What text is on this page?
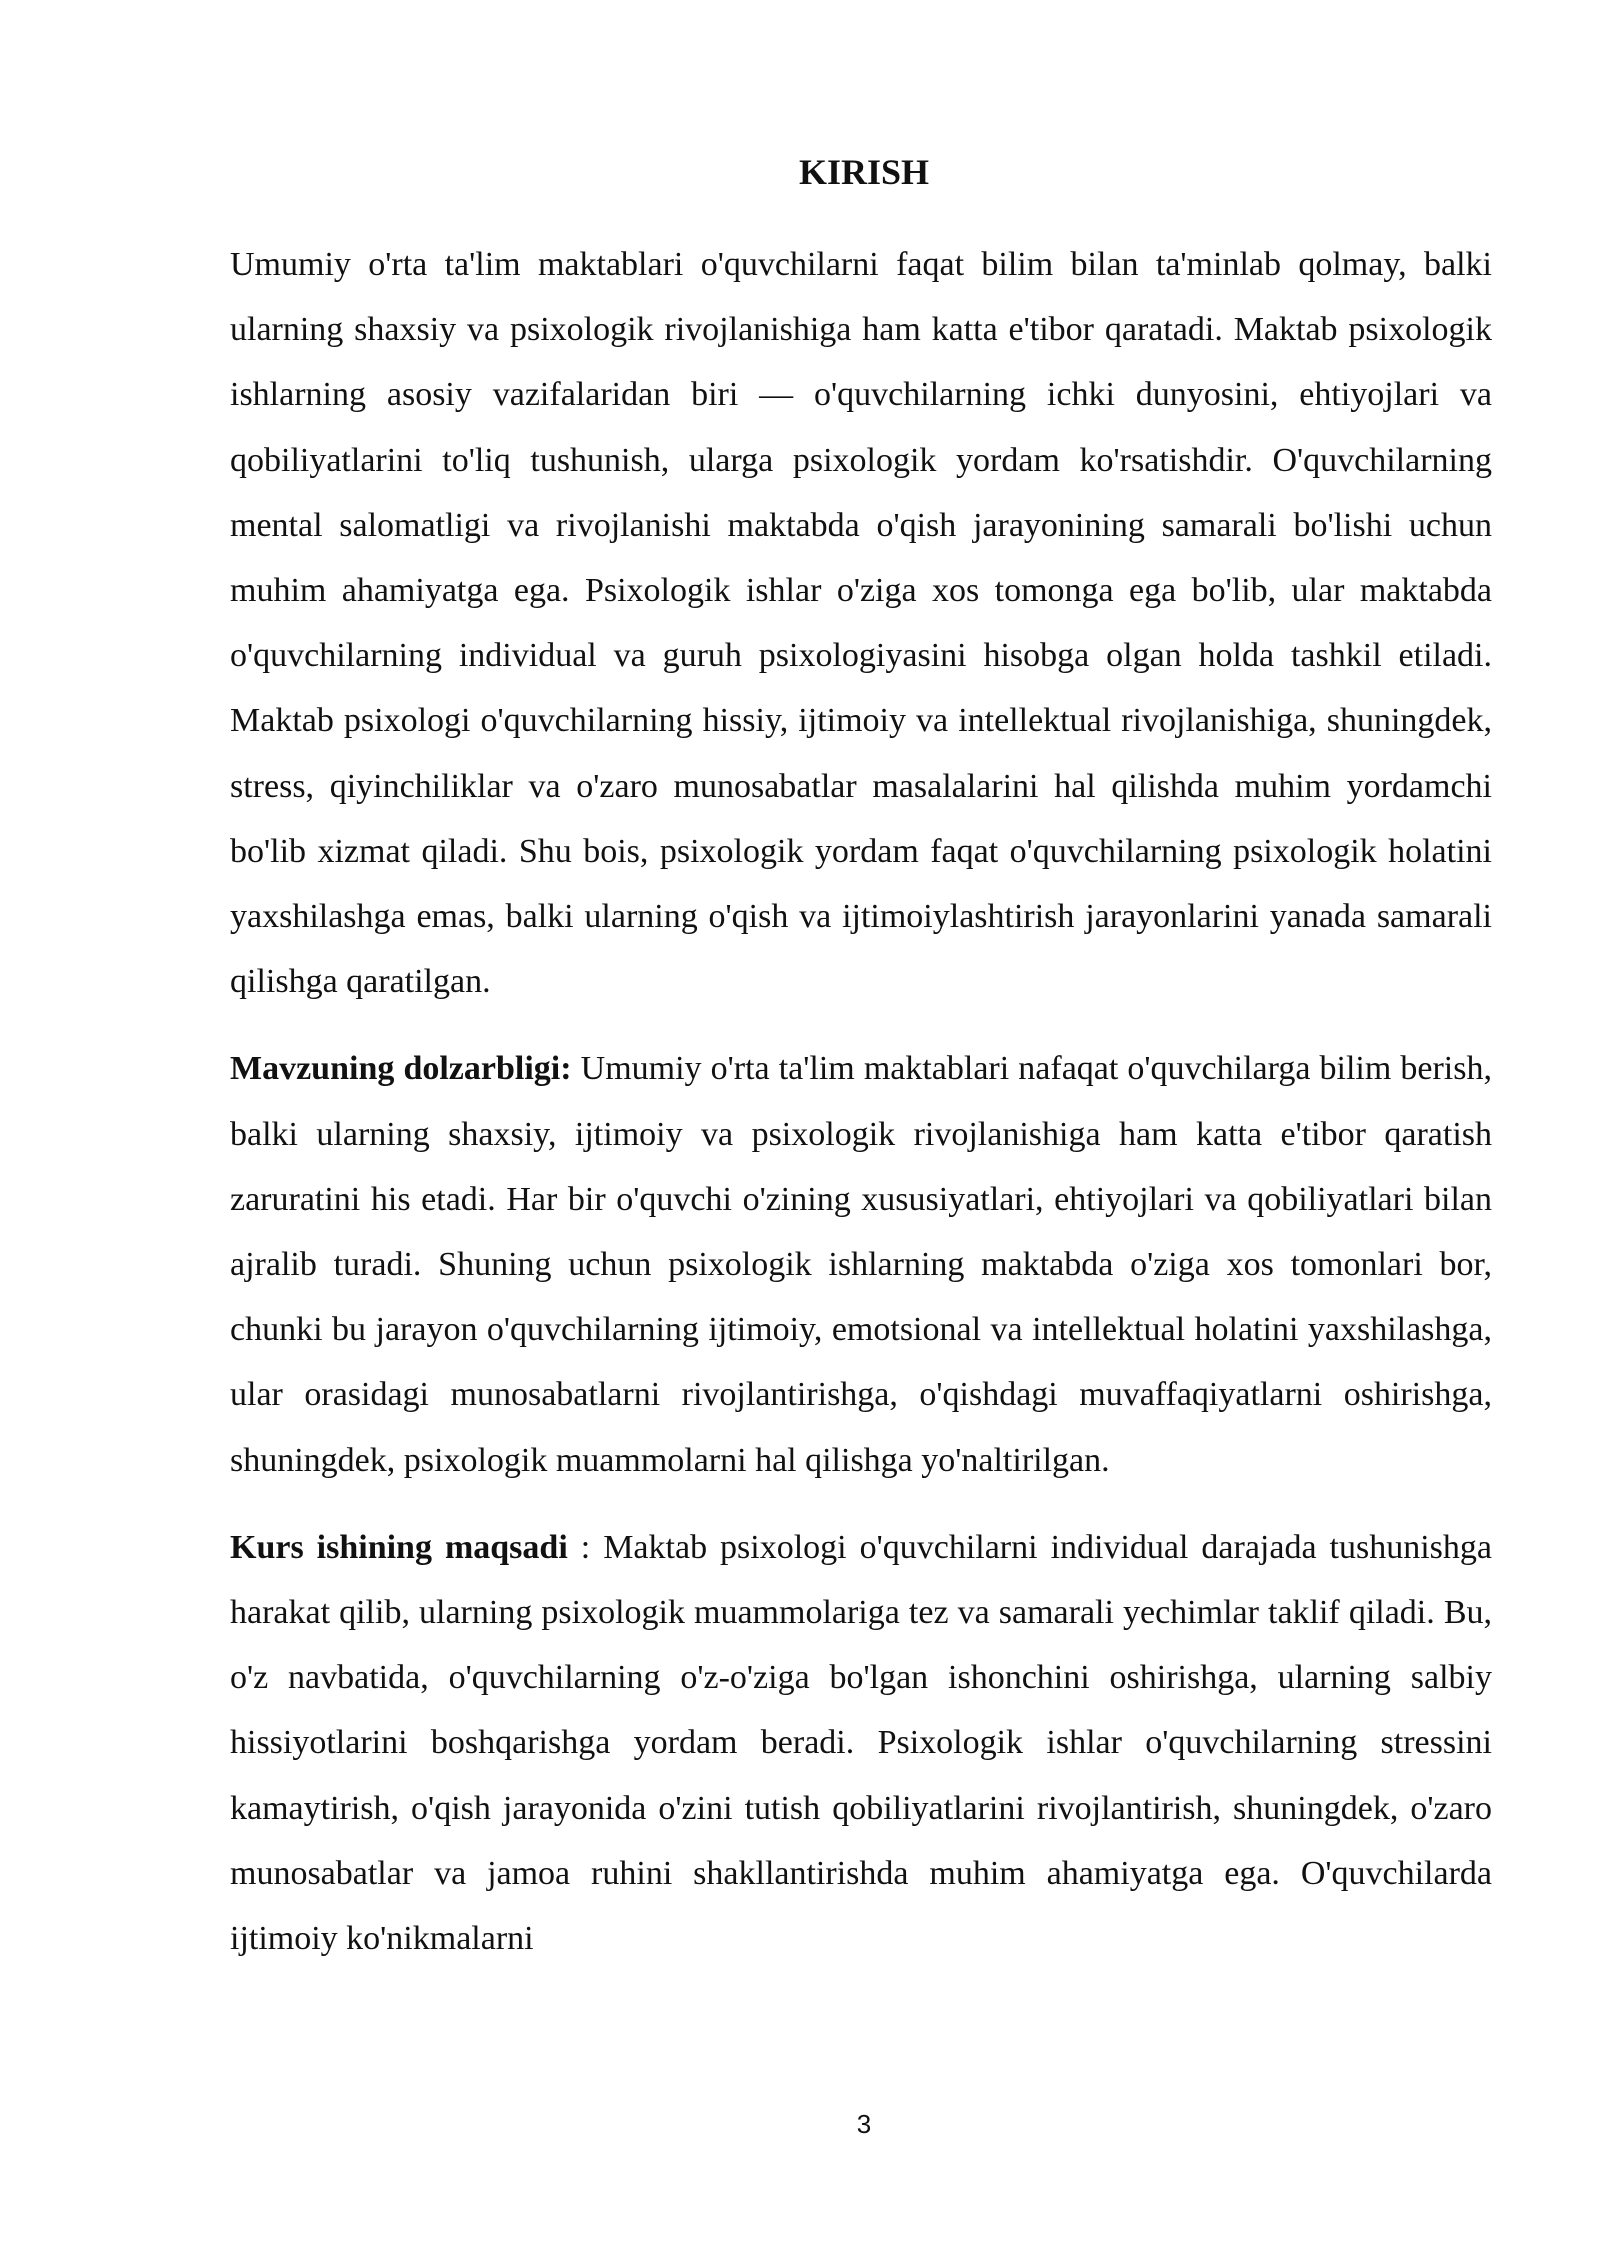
KIRISH

Umumiy o'rta ta'lim maktablari o'quvchilarni faqat bilim bilan ta'minlab qolmay, balki ularning shaxsiy va psixologik rivojlanishiga ham katta e'tibor qaratadi. Maktab psixologik ishlarning asosiy vazifalaridan biri — o'quvchilarning ichki dunyosini, ehtiyojlari va qobiliyatlarini to'liq tushunish, ularga psixologik yordam ko'rsatishdir. O'quvchilarning mental salomatligi va rivojlanishi maktabda o'qish jarayonining samarali bo'lishi uchun muhim ahamiyatga ega. Psixologik ishlar o'ziga xos tomonga ega bo'lib, ular maktabda o'quvchilarning individual va guruh psixologiyasini hisobga olgan holda tashkil etiladi. Maktab psixologi o'quvchilarning hissiy, ijtimoiy va intellektual rivojlanishiga, shuningdek, stress, qiyinchiliklar va o'zaro munosabatlar masalalarini hal qilishda muhim yordamchi bo'lib xizmat qiladi. Shu bois, psixologik yordam faqat o'quvchilarning psixologik holatini yaxshilashga emas, balki ularning o'qish va ijtimoiylashtirish jarayonlarini yanada samarali qilishga qaratilgan.

Mavzuning dolzarbligi: Umumiy o'rta ta'lim maktablari nafaqat o'quvchilarga bilim berish, balki ularning shaxsiy, ijtimoiy va psixologik rivojlanishiga ham katta e'tibor qaratish zaruratini his etadi. Har bir o'quvchi o'zining xususiyatlari, ehtiyojlari va qobiliyatlari bilan ajralib turadi. Shuning uchun psixologik ishlarning maktabda o'ziga xos tomonlari bor, chunki bu jarayon o'quvchilarning ijtimoiy, emotsional va intellektual holatini yaxshilashga, ular orasidagi munosabatlarni rivojlantirishga, o'qishdagi muvaffaqiyatlarni oshirishga, shuningdek, psixologik muammolarni hal qilishga yo'naltirilgan.

Kurs ishining maqsadi : Maktab psixologi o'quvchilarni individual darajada tushunishga harakat qilib, ularning psixologik muammolariga tez va samarali yechimlar taklif qiladi. Bu, o'z navbatida, o'quvchilarning o'z-o'ziga bo'lgan ishonchini oshirishga, ularning salbiy hissiyotlarini boshqarishga yordam beradi. Psixologik ishlar o'quvchilarning stressini kamaytirish, o'qish jarayonida o'zini tutish qobiliyatlarini rivojlantirish, shuningdek, o'zaro munosabatlar va jamoa ruhini shakllantirishda muhim ahamiyatga ega. O'quvchilarda ijtimoiy ko'nikmalarni

3
